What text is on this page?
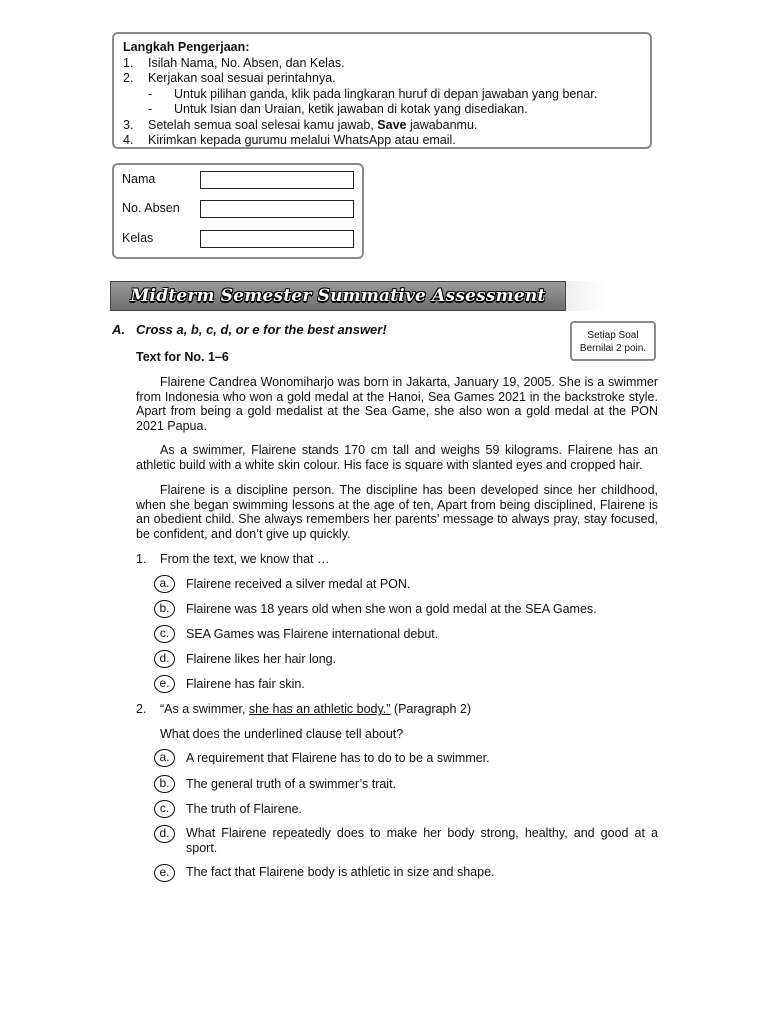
Langkah Pengerjaan:
1. Isilah Nama, No. Absen, dan Kelas.
2. Kerjakan soal sesuai perintahnya.
- Untuk pilihan ganda, klik pada lingkaran huruf di depan jawaban yang benar.
- Untuk Isian dan Uraian, ketik jawaban di kotak yang disediakan.
3. Setelah semua soal selesai kamu jawab, Save jawabanmu.
4. Kirimkan kepada gurumu melalui WhatsApp atau email.
Nama
No. Absen
Kelas
Midterm Semester Summative Assessment
A. Cross a, b, c, d, or e for the best answer!	Setiap Soal
Bernilai 2 poin.
Text for No. 1–6
Flairene Candrea Wonomiharjo was born in Jakarta, January 19, 2005. She is a swimmer from Indonesia who won a gold medal at the Hanoi, Sea Games 2021 in the backstroke style. Apart from being a gold medalist at the Sea Game, she also won a gold medal at the PON 2021 Papua.
As a swimmer, Flairene stands 170 cm tall and weighs 59 kilograms. Flairene has an athletic build with a white skin colour. His face is square with slanted eyes and cropped hair.
Flairene is a discipline person. The discipline has been developed since her childhood, when she began swimming lessons at the age of ten, Apart from being disciplined, Flairene is an obedient child. She always remembers her parents’ message to always pray, stay focused, be confident, and don’t give up quickly.
1. From the text, we know that …
a.	Flairene received a silver medal at PON.
b.	Flairene was 18 years old when she won a gold medal at the SEA Games.
c.	SEA Games was Flairene international debut.
d.	Flairene likes her hair long.
e.	Flairene has fair skin.
2. “As a swimmer, she has an athletic body.” (Paragraph 2)
What does the underlined clause tell about?
a.	A requirement that Flairene has to do to be a swimmer.
b.	The general truth of a swimmer’s trait.
c.	The truth of Flairene.
d.	What Flairene repeatedly does to make her body strong, healthy, and good at a sport.
e.	The fact that Flairene body is athletic in size and shape.
